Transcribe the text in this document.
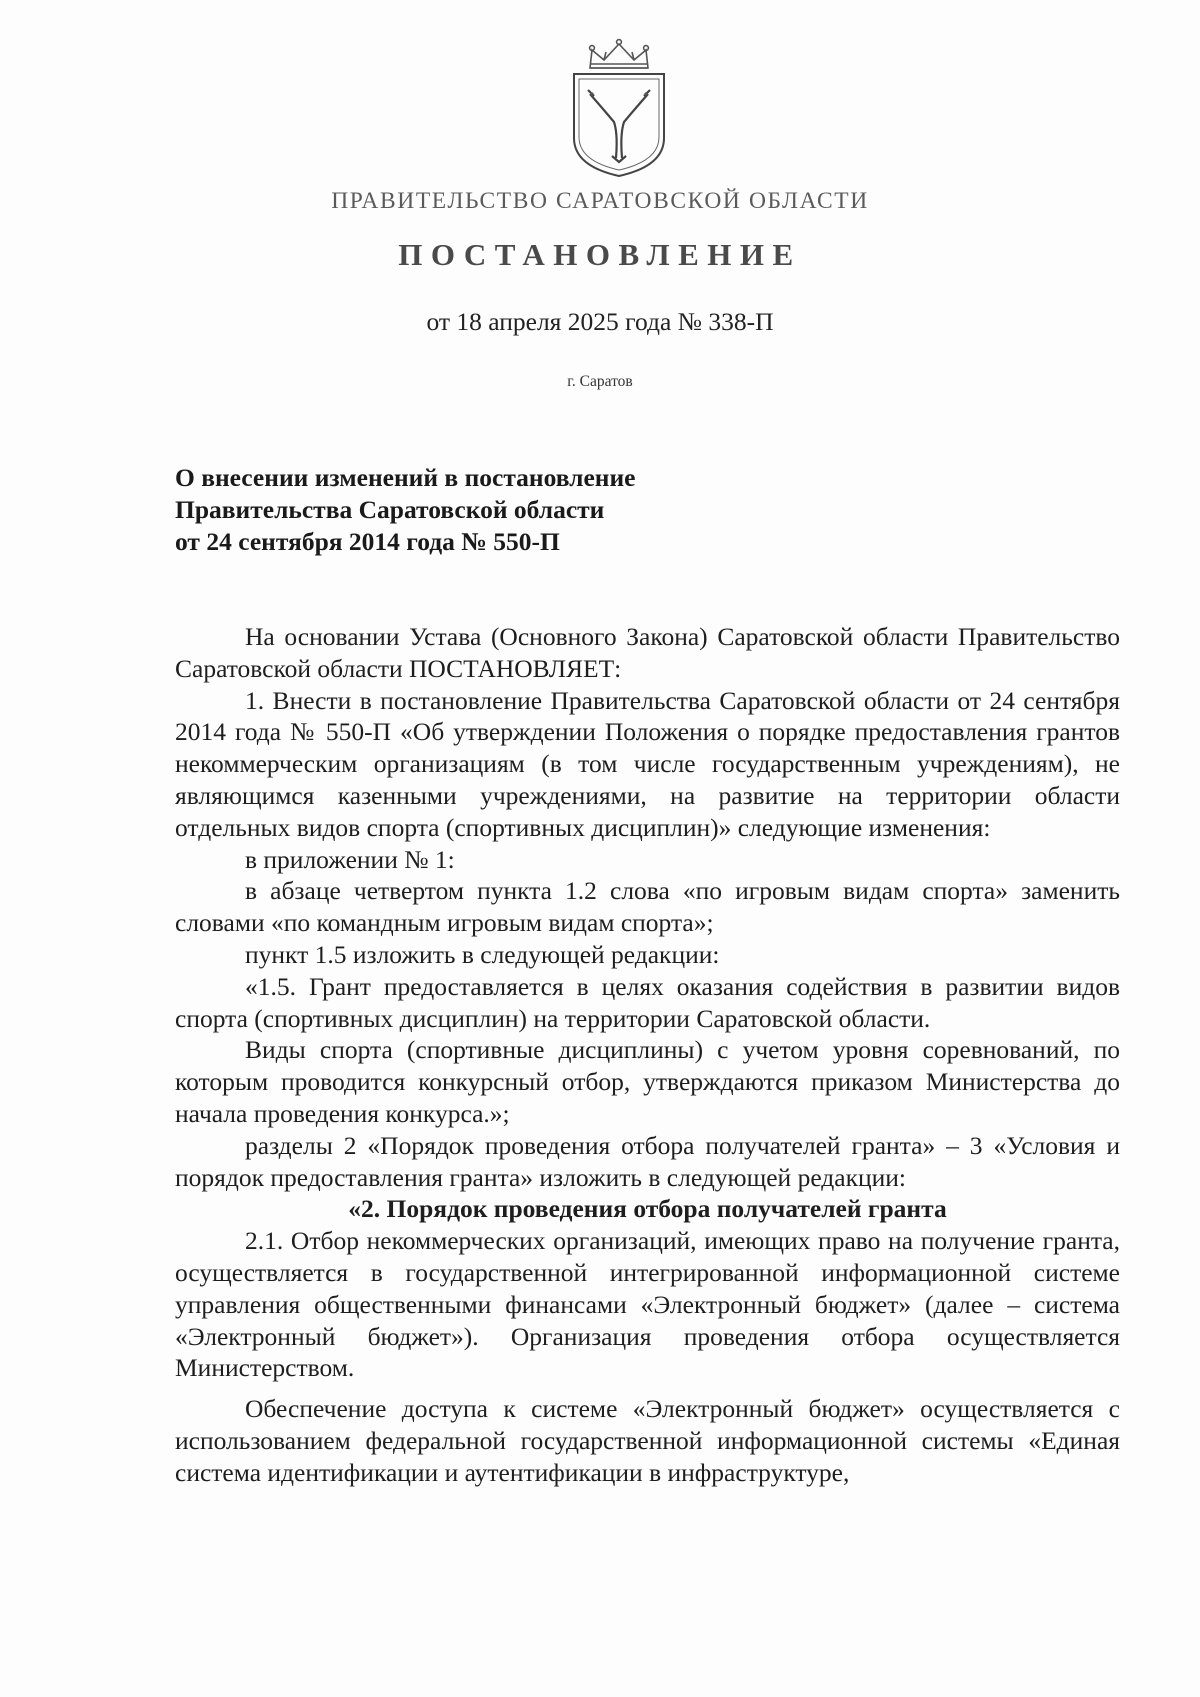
ПРАВИТЕЛЬСТВО САРАТОВСКОЙ ОБЛАСТИ
ПОСТАНОВЛЕНИЕ
от 18 апреля 2025 года № 338-П
г. Саратов
О внесении изменений в постановление
Правительства Саратовской области
от 24 сентября 2014 года № 550-П

На основании Устава (Основного Закона) Саратовской области Правительство Саратовской области ПОСТАНОВЛЯЕТ:

1. Внести в постановление Правительства Саратовской области от 24 сентября 2014 года № 550-П «Об утверждении Положения о порядке предоставления грантов некоммерческим организациям (в том числе государственным учреждениям), не являющимся казенными учреждениями, на развитие на территории области отдельных видов спорта (спортивных дисциплин)» следующие изменения:

в приложении № 1:

в абзаце четвертом пункта 1.2 слова «по игровым видам спорта» заменить словами «по командным игровым видам спорта»;

пункт 1.5 изложить в следующей редакции:

«1.5. Грант предоставляется в целях оказания содействия в развитии видов спорта (спортивных дисциплин) на территории Саратовской области.

Виды спорта (спортивные дисциплины) с учетом уровня соревнований, по которым проводится конкурсный отбор, утверждаются приказом Министерства до начала проведения конкурса.»;

разделы 2 «Порядок проведения отбора получателей гранта» – 3 «Условия и порядок предоставления гранта» изложить в следующей редакции:

«2. Порядок проведения отбора получателей гранта

2.1. Отбор некоммерческих организаций, имеющих право на получение гранта, осуществляется в государственной интегрированной информационной системе управления общественными финансами «Электронный бюджет» (далее – система «Электронный бюджет»). Организация проведения отбора осуществляется Министерством.

Обеспечение доступа к системе «Электронный бюджет» осуществляется с использованием федеральной государственной информационной системы «Единая система идентификации и аутентификации в инфраструктуре,
